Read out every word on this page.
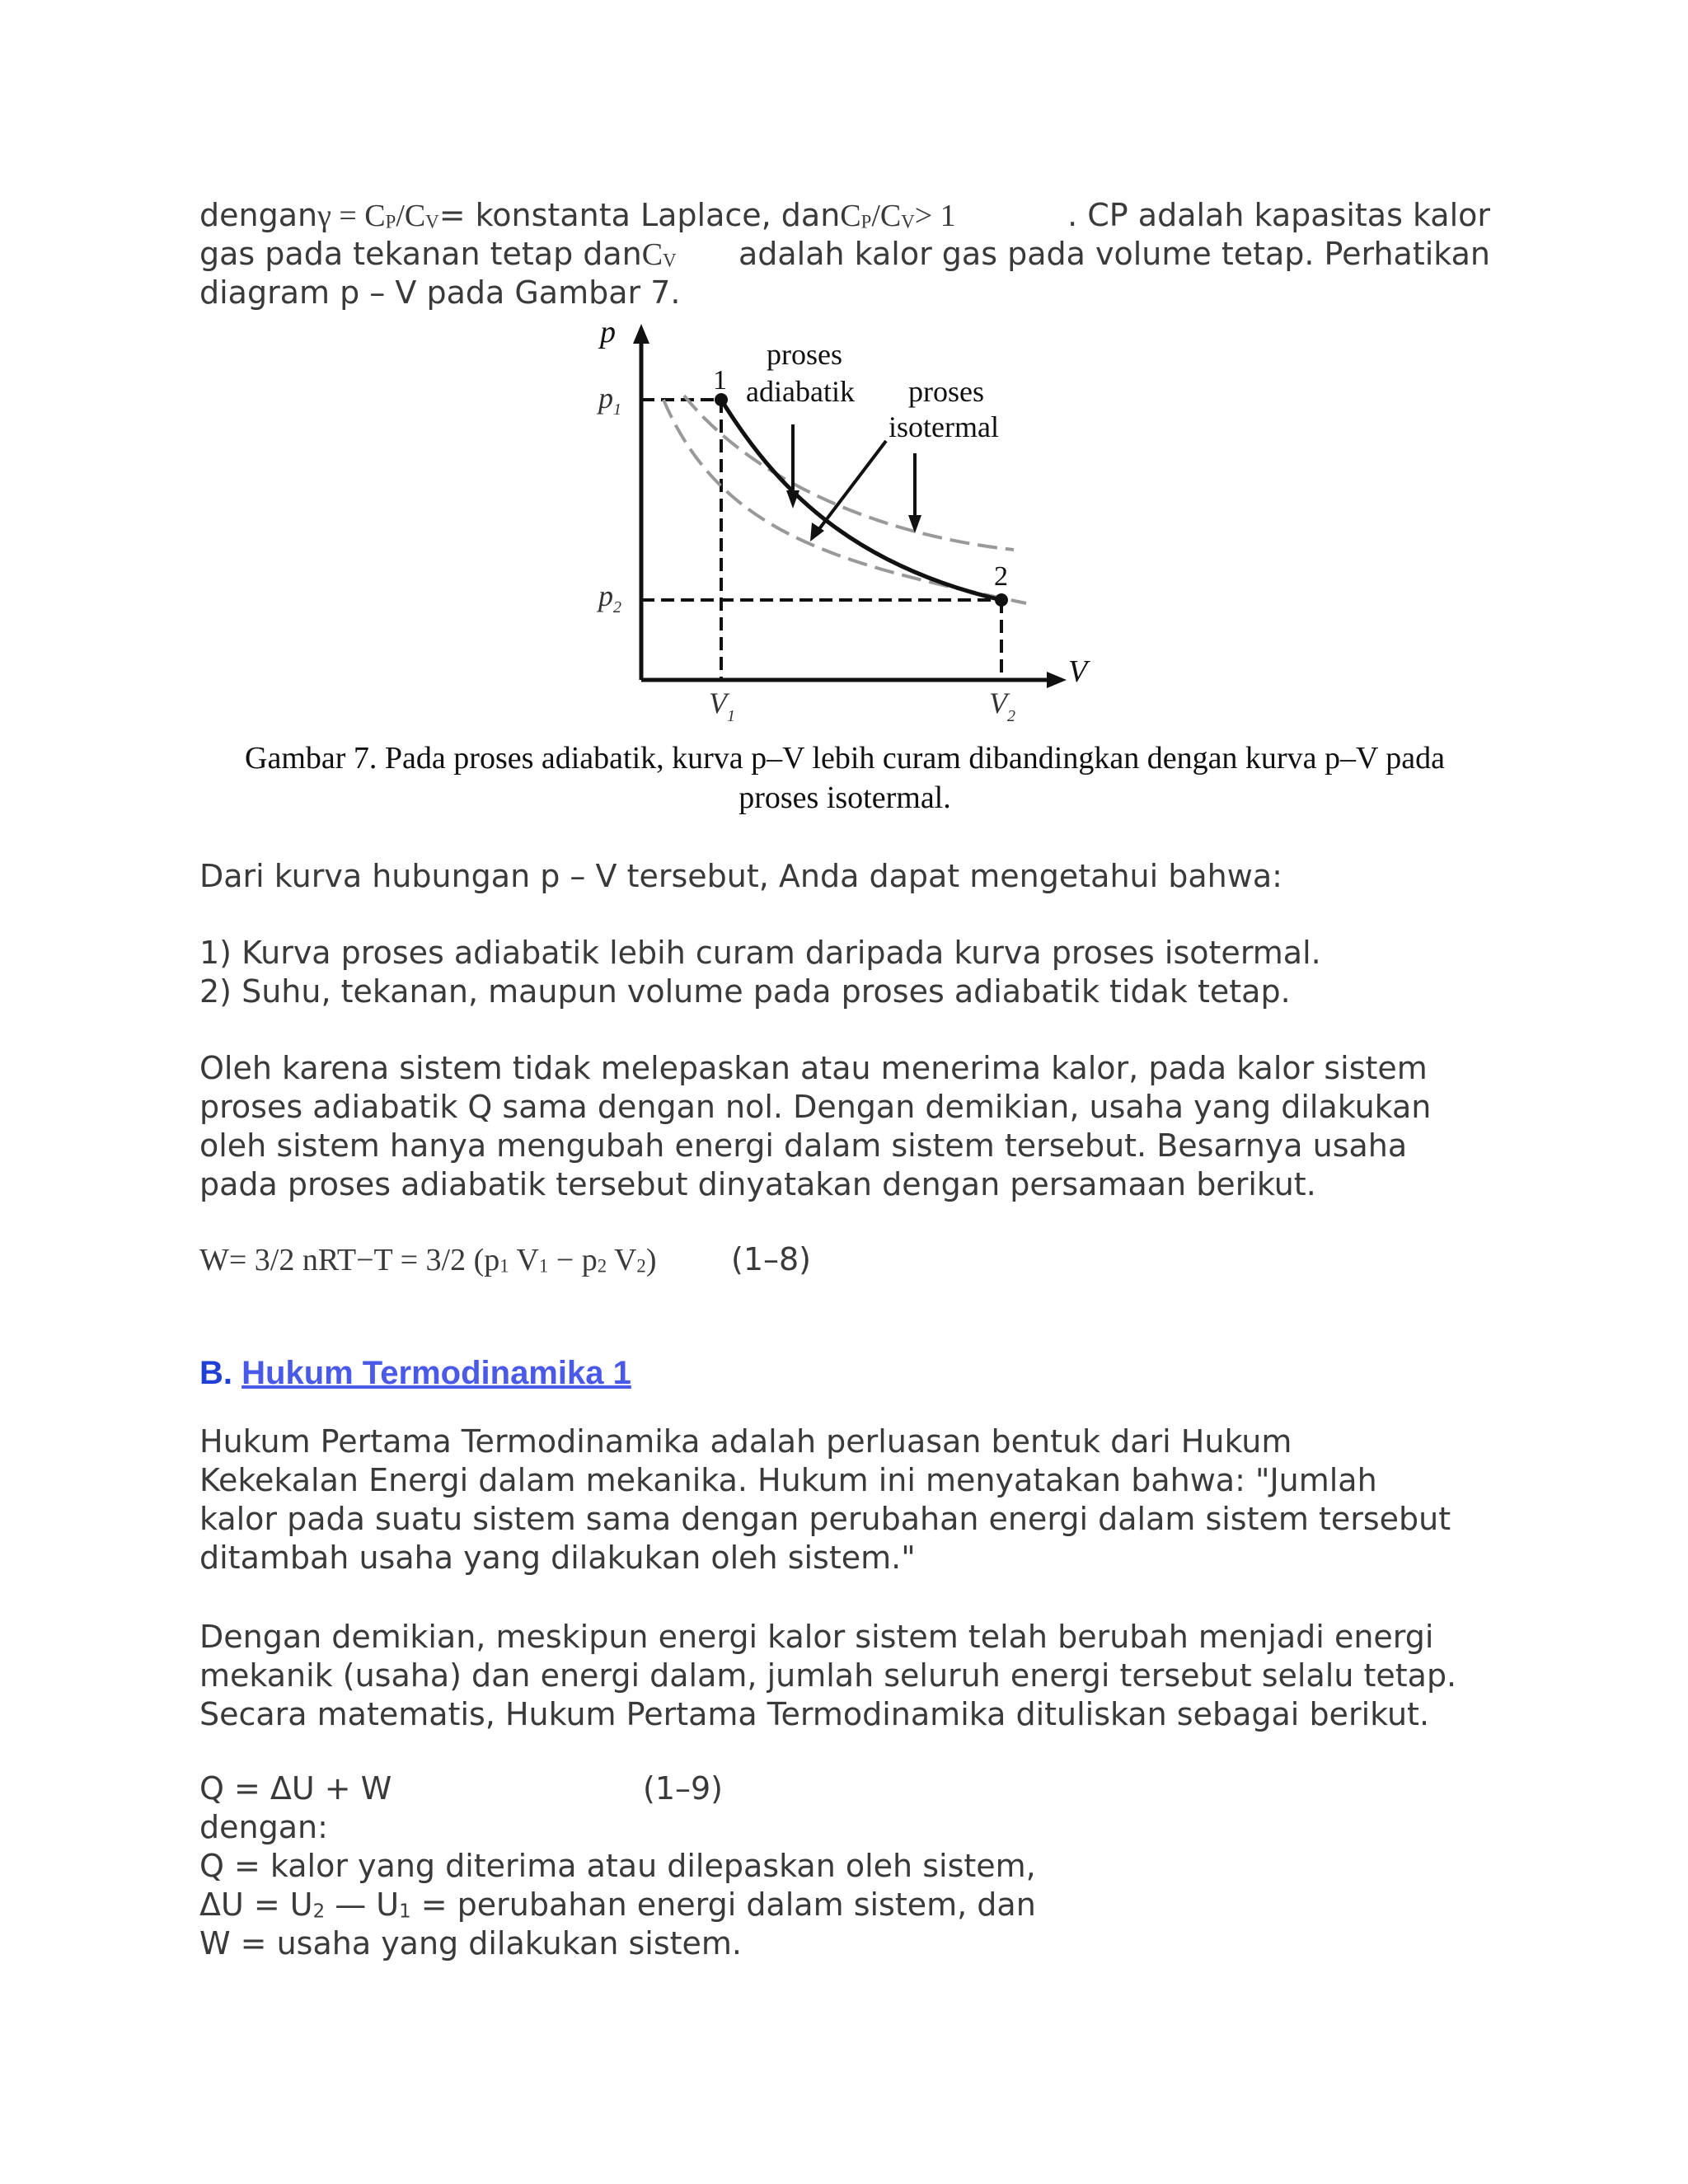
denganγ = $C_P/C_V=$ konstanta Laplace, $danC_P/C_V> 1$	. CP adalah kapasitas kalor
gas pada tekanan tetap danC$_V$ adalah kalor gas pada volume tetap. Perhatikan
diagram p – V pada Gambar 7.
p
V
$p_1$
$p_2$
$V_1$	$V_2$
1
2
proses
adiabatik proses
isotermal
Gambar 7. Pada proses adiabatik, kurva p–V lebih curam dibandingkan dengan kurva p–V pada
proses isotermal.
Dari kurva hubungan p – V tersebut, Anda dapat mengetahui bahwa:
1) Kurva proses adiabatik lebih curam daripada kurva proses isotermal.
2) Suhu, tekanan, maupun volume pada proses adiabatik tidak tetap.
Oleh karena sistem tidak melepaskan atau menerima kalor, pada kalor sistem
proses adiabatik Q sama dengan nol. Dengan demikian, usaha yang dilakukan
oleh sistem hanya mengubah energi dalam sistem tersebut. Besarnya usaha
pada proses adiabatik tersebut dinyatakan dengan persamaan berikut.
W= 3/2 nRT−T = 3/2 ($p_1$ $V_1 - p_2$ $V_2$) (1–8)
B. Hukum Termodinamika 1
Hukum Pertama Termodinamika adalah perluasan bentuk dari Hukum
Kekekalan Energi dalam mekanika. Hukum ini menyatakan bahwa: "Jumlah
kalor pada suatu sistem sama dengan perubahan energi dalam sistem tersebut
ditambah usaha yang dilakukan oleh sistem."
Dengan demikian, meskipun energi kalor sistem telah berubah menjadi energi
mekanik (usaha) dan energi dalam, jumlah seluruh energi tersebut selalu tetap.
Secara matematis, Hukum Pertama Termodinamika dituliskan sebagai berikut.
Q = ΔU + W	(1–9)
dengan:
Q = kalor yang diterima atau dilepaskan oleh sistem,
$\Delta U = U_2$ — $U_1$ = perubahan energi dalam sistem, dan
W = usaha yang dilakukan sistem.
